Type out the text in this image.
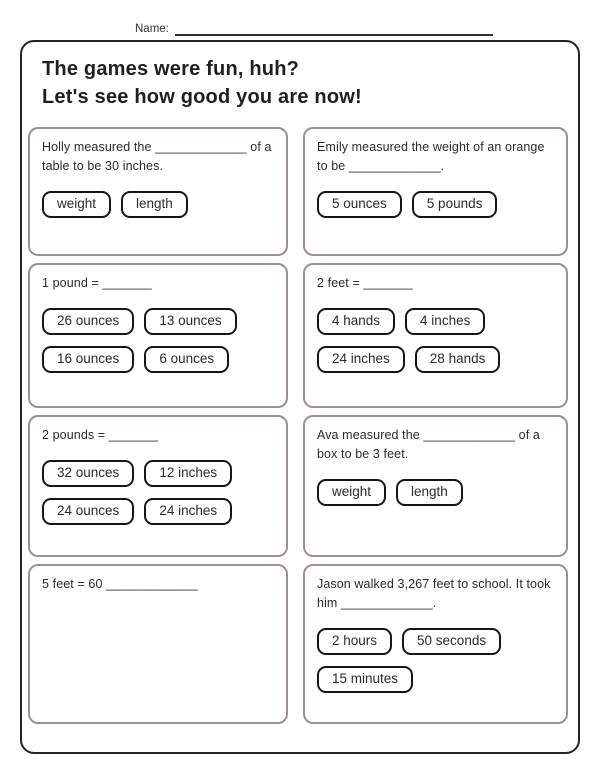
Name:
The games were fun, huh?
Let's see how good you are now!
Holly measured the _____________ of a table to be 30 inches.
weight	length
Emily measured the weight of an orange to be _____________.
5 ounces	5 pounds
1 pound = _______
26 ounces	13 ounces
16 ounces	6 ounces
2 feet = _______
4 hands	4 inches
24 inches	28 hands
2 pounds = _______
32 ounces	12 inches
24 ounces	24 inches
Ava measured the _____________ of a box to be 3 feet.
weight	length
5 feet = 60 _____________	Jason walked 3,267 feet to school. It took him _____________.
2 hours	50 seconds
15 minutes
